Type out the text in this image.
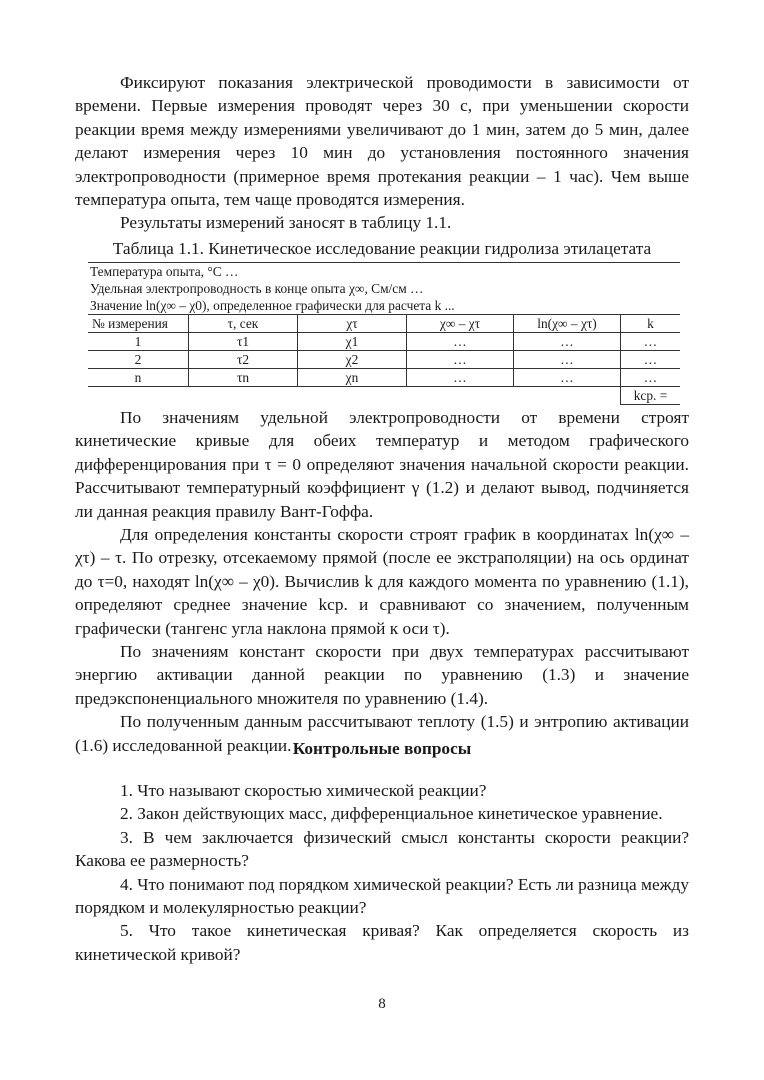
Фиксируют показания электрической проводимости в зависимости от времени. Первые измерения проводят через 30 с, при уменьшении скорости реакции время между измерениями увеличивают до 1 мин, затем до 5 мин, далее делают измерения через 10 мин до установления постоянного значения электропроводности (примерное время протекания реакции – 1 час). Чем выше температура опыта, тем чаще проводятся измерения.

Результаты измерений заносят в таблицу 1.1.

Таблица 1.1. Кинетическое исследование реакции гидролиза этилацетата
Температура опыта, °С …					
Удельная электропроводность в конце опыта χ∞, См/см …					
Значение ln(χ∞ – χ0), определенное графически для расчета k ...					
№ измерения	τ, сек	χτ	χ∞ – χτ	ln(χ∞ – χτ)	k
1	τ1	χ1	…	…	…
2	τ2	χ2	…	…	…
n	τn	χn	…	…	…
					kср. =

По значениям удельной электропроводности от времени строят кинетические кривые для обеих температур и методом графического дифференцирования при τ = 0 определяют значения начальной скорости реакции. Рассчитывают температурный коэффициент γ (1.2) и делают вывод, подчиняется ли данная реакция правилу Вант-Гоффа.

Для определения константы скорости строят график в координатах ln(χ∞ – χτ) – τ. По отрезку, отсекаемому прямой (после ее экстраполяции) на ось ординат до τ=0, находят ln(χ∞ – χ0). Вычислив k для каждого момента по уравнению (1.1), определяют среднее значение kср. и сравнивают со значением, полученным графически (тангенс угла наклона прямой к оси τ).

По значениям констант скорости при двух температурах рассчитывают энергию активации данной реакции по уравнению (1.3) и значение предэкспоненциального множителя по уравнению (1.4).

По полученным данным рассчитывают теплоту (1.5) и энтропию активации (1.6) исследованной реакции. Контрольные вопросы

1. Что называют скоростью химической реакции?

2. Закон действующих масс, дифференциальное кинетическое уравнение.

3. В чем заключается физический смысл константы скорости реакции? Какова ее размерность?

4. Что понимают под порядком химической реакции? Есть ли разница между порядком и молекулярностью реакции?

5. Что такое кинетическая кривая? Как определяется скорость из кинетической кривой?

8
